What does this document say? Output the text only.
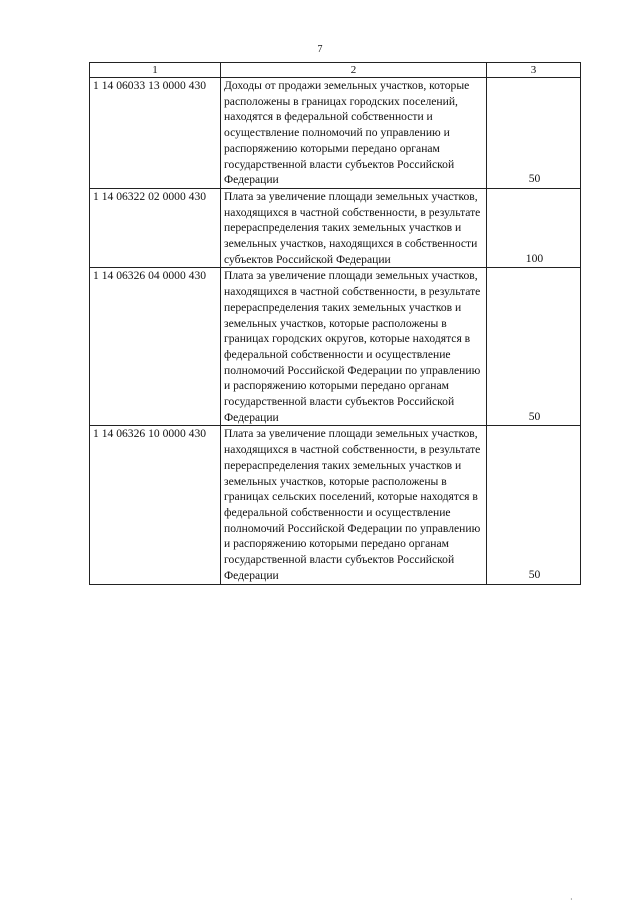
7
1	2	3
1 14 06033 13 0000 430	Доходы от продажи земельных участков, которые расположены в границах городских поселений, находятся в федеральной собственности и осуществление полномочий по управлению и распоряжению которыми передано органам государственной власти субъектов Российской Федерации	50
1 14 06322 02 0000 430	Плата за увеличение площади земельных участков, находящихся в частной собственности, в результате перераспределения таких земельных участков и земельных участков, находящихся в собственности субъектов Российской Федерации	100
1 14 06326 04 0000 430	Плата за увеличение площади земельных участков, находящихся в частной собственности, в результате перераспределения таких земельных участков и земельных участков, которые расположены в границах городских округов, которые находятся в федеральной собственности и осуществление полномочий Российской Федерации по управлению и распоряжению которыми передано органам государственной власти субъектов Российской Федерации	50
1 14 06326 10 0000 430	Плата за увеличение площади земельных участков, находящихся в частной собственности, в результате перераспределения таких земельных участков и земельных участков, которые расположены в границах сельских поселений, которые находятся в федеральной собственности и осуществление полномочий Российской Федерации по управлению и распоряжению которыми передано органам государственной власти субъектов Российской Федерации	50
·
